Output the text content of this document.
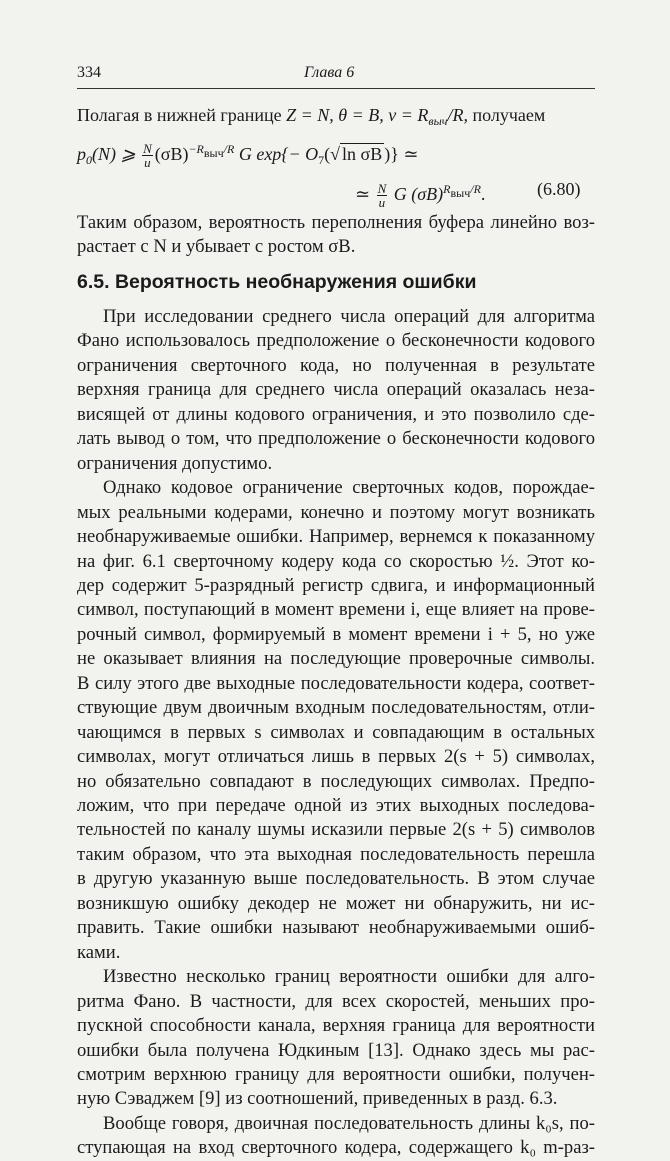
334	Глава 6
Полагая в нижней границе Z = N, θ = B, $\nu = R_{выч}/R$, получаем
$p_0(N)$ ⩾ $\frac{N}{u} (\sigma B)^{-Rвыч/R}$ G $\exp\{- O_7(√$ ln σB )} ≃
≃ $\frac{N}{u}$ G $(\sigma B)^{Rвыч/R}$.	(6.80)
Таким образом, вероятность переполнения буфера линейно воз-
растает с N и убывает с ростом σB.
6.5. Вероятность необнаружения ошибки
При исследовании среднего числа операций для алгоритма
Фано использовалось предположение о бесконечности кодового
ограничения сверточного кода, но полученная в результате
верхняя граница для среднего числа операций оказалась неза-
висящей от длины кодового ограничения, и это позволило сде-
лать вывод о том, что предположение о бесконечности кодового
ограничения допустимо.
Однако кодовое ограничение сверточных кодов, порождае-
мых реальными кодерами, конечно и поэтому могут возникать
необнаруживаемые ошибки. Например, вернемся к показанному
на фиг. 6.1 сверточному кодеру кода со скоростью ½. Этот ко-
дер содержит 5-разрядный регистр сдвига, и информационный
символ, поступающий в момент времени i, еще влияет на прове-
рочный символ, формируемый в момент времени i + 5, но уже
не оказывает влияния на последующие проверочные символы.
В силу этого две выходные последовательности кодера, соответ-
ствующие двум двоичным входным последовательностям, отли-
чающимся в первых s символах и совпадающим в остальных
символах, могут отличаться лишь в первых 2(s + 5) символах,
но обязательно совпадают в последующих символах. Предпо-
ложим, что при передаче одной из этих выходных последова-
тельностей по каналу шумы исказили первые 2(s + 5) символов
таким образом, что эта выходная последовательность перешла
в другую указанную выше последовательность. В этом случае
возникшую ошибку декодер не может ни обнаружить, ни ис-
править. Такие ошибки называют необнаруживаемыми ошиб-
ками.
Известно несколько границ вероятности ошибки для алго-
ритма Фано. В частности, для всех скоростей, меньших про-
пускной способности канала, верхняя граница для вероятности
ошибки была получена Юдкиным [13]. Однако здесь мы рас-
смотрим верхнюю границу для вероятности ошибки, получен-
ную Сэваджем [9] из соотношений, приведенных в разд. 6.3.
Вообще говоря, двоичная последовательность длины k₀s, по-
ступающая на вход сверточного кодера, содержащего k₀ m-раз-
